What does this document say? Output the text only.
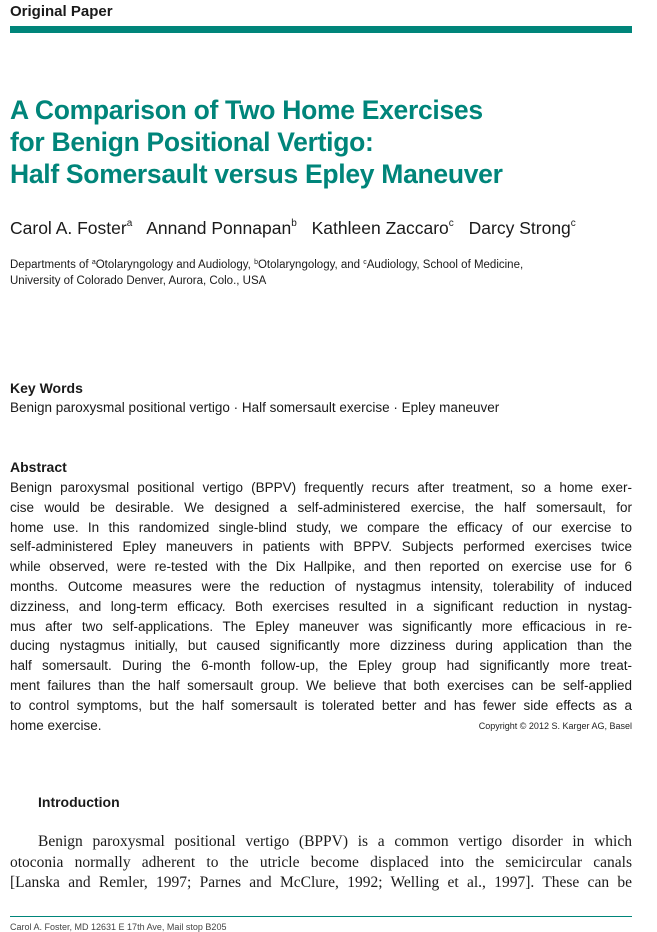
Original Paper
A Comparison of Two Home Exercises
for Benign Positional Vertigo:
Half Somersault versus Epley Maneuver
Carol A. Foster$^a$ Annand Ponnapan$^b$ Kathleen Zaccaro$^c$ Darcy Strong$^c$
Departments of $^a$Otolaryngology and Audiology, $^b$Otolaryngology, and $^c$Audiology, School of Medicine,
University of Colorado Denver, Aurora, Colo., USA
Key Words
Benign paroxysmal positional vertigo · Half somersault exercise · Epley maneuver
Abstract
Benign paroxysmal positional vertigo (BPPV) frequently recurs after treatment, so a home exer-
cise would be desirable. We designed a self-administered exercise, the half somersault, for
home use. In this randomized single-blind study, we compare the efficacy of our exercise to
self-administered Epley maneuvers in patients with BPPV. Subjects performed exercises twice
while observed, were re-tested with the Dix Hallpike, and then reported on exercise use for 6
months. Outcome measures were the reduction of nystagmus intensity, tolerability of induced
dizziness, and long-term efficacy. Both exercises resulted in a significant reduction in nystag-
mus after two self-applications. The Epley maneuver was significantly more efficacious in re-
ducing nystagmus initially, but caused significantly more dizziness during application than the
half somersault. During the 6-month follow-up, the Epley group had significantly more treat-
ment failures than the half somersault group. We believe that both exercises can be self-applied
to control symptoms, but the half somersault is tolerated better and has fewer side effects as a
home exercise.	Copyright © 2012 S. Karger AG, Basel
Introduction
Benign paroxysmal positional vertigo (BPPV) is a common vertigo disorder in which
otoconia normally adherent to the utricle become displaced into the semicircular canals
[Lanska and Remler, 1997; Parnes and McClure, 1992; Welling et al., 1997]. These can be
Carol A. Foster, MD 12631 E 17th Ave, Mail stop B205
